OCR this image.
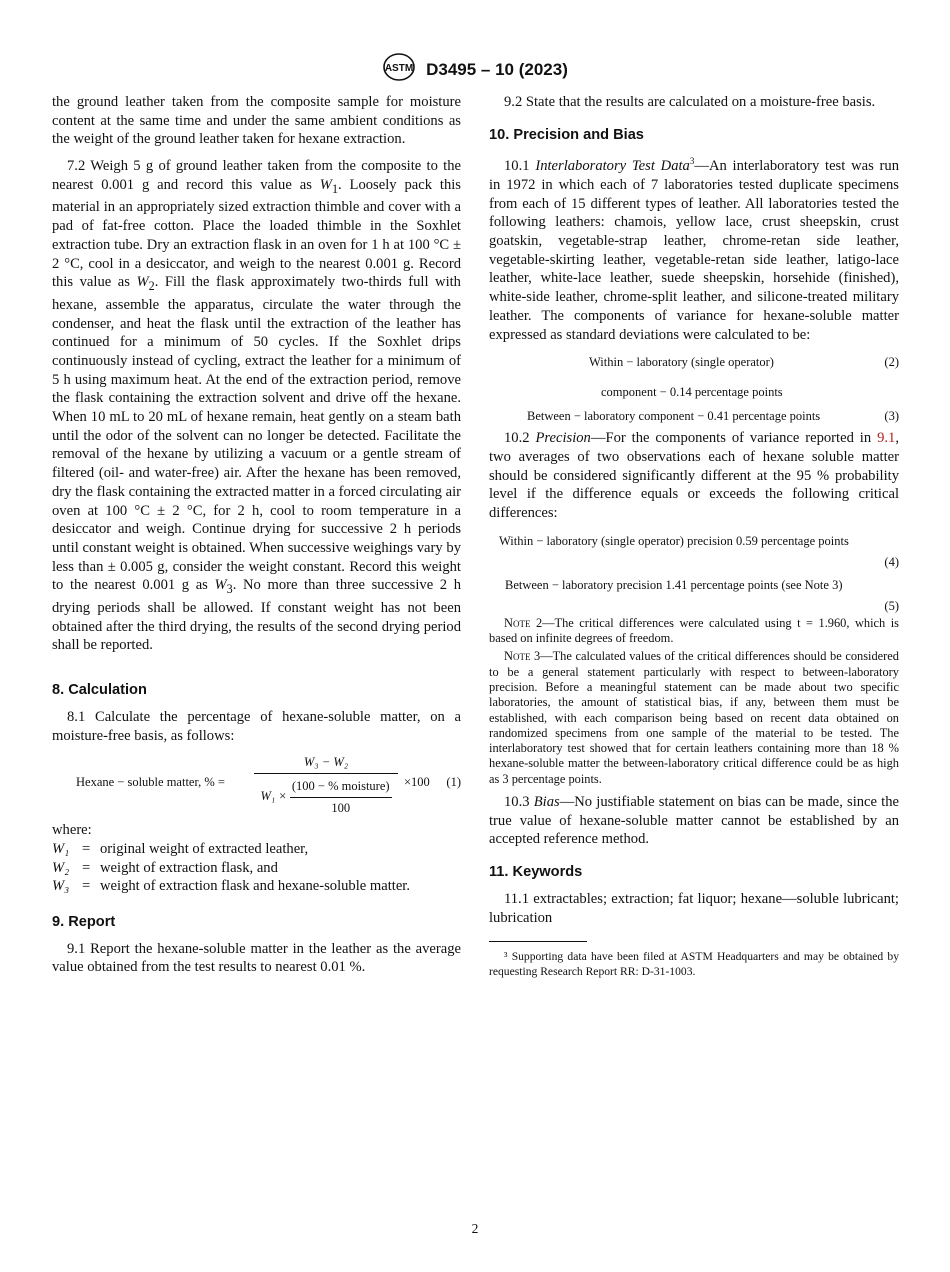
ASTM D3495 – 10 (2023)

the ground leather taken from the composite sample for moisture content at the same time and under the same ambient conditions as the weight of the ground leather taken for hexane extraction.

7.2 Weigh 5 g of ground leather taken from the composite to the nearest 0.001 g and record this value as $W_1$. Loosely pack this material in an appropriately sized extraction thimble and cover with a pad of fat-free cotton. Place the loaded thimble in the Soxhlet extraction tube. Dry an extraction flask in an oven for 1 h at 100 °C ± 2 °C, cool in a desiccator, and weigh to the nearest 0.001 g. Record this value as $W_2$. Fill the flask approximately two-thirds full with hexane, assemble the apparatus, circulate the water through the condenser, and heat the flask until the extraction of the leather has continued for a minimum of 50 cycles. If the Soxhlet drips continuously instead of cycling, extract the leather for a minimum of 5 h using maximum heat. At the end of the extraction period, remove the flask containing the extraction solvent and drive off the hexane. When 10 mL to 20 mL of hexane remain, heat gently on a steam bath until the odor of the solvent can no longer be detected. Facilitate the removal of the hexane by utilizing a vacuum or a gentle stream of filtered (oil- and water-free) air. After the hexane has been removed, dry the flask containing the extracted matter in a forced circulating air oven at 100 °C ± 2 °C, for 2 h, cool to room temperature in a desiccator and weigh. Continue drying for successive 2 h periods until constant weight is obtained. When successive weighings vary by less than ± 0.005 g, consider the weight constant. Record this weight to the nearest 0.001 g as $W_3$. No more than three successive 2 h drying periods shall be allowed. If constant weight has not been obtained after the third drying, the results of the second drying period shall be reported.

8. Calculation

8.1 Calculate the percentage of hexane-soluble matter, on a moisture-free basis, as follows:

Hexane − soluble matter, % =
W₃ − W₂
$W_1 \times \frac{\text{(100 − \% moisture)}}{100} \times 100$ (1)

where:

W₁ = original weight of extracted leather,
W₂ = weight of extraction flask, and
W₃ = weight of extraction flask and hexane-soluble matter.

9. Report

9.1 Report the hexane-soluble matter in the leather as the average value obtained from the test results to nearest 0.01 %.

9.2 State that the results are calculated on a moisture-free basis.

10. Precision and Bias

10.1 Interlaboratory Test Data$^3$—An interlaboratory test was run in 1972 in which each of 7 laboratories tested duplicate specimens from each of 15 different types of leather. All laboratories tested the following leathers: chamois, yellow lace, crust sheepskin, crust goatskin, vegetable-strap leather, chrome-retan side leather, vegetable-skirting leather, vegetable-retan side leather, latigo-lace leather, white-lace leather, suede sheepskin, horsehide (finished), white-side leather, chrome-split leather, and silicone-treated military leather. The components of variance for hexane-soluble matter expressed as standard deviations were calculated to be:

Within − laboratory (single operator)	(2)
component − 0.14 percentage points
Between − laboratory component − 0.41 percentage points	(3)

10.2 Precision—For the components of variance reported in 9.1, two averages of two observations each of hexane soluble matter should be considered significantly different at the 95 % probability level if the difference equals or exceeds the following critical differences:

Within − laboratory (single operator) precision 0.59 percentage points
(4)
Between − laboratory precision 1.41 percentage points (see Note 3)
(5)

Note 2—The critical differences were calculated using t = 1.960, which is based on infinite degrees of freedom.

Note 3—The calculated values of the critical differences should be considered to be a general statement particularly with respect to between-laboratory precision. Before a meaningful statement can be made about two specific laboratories, the amount of statistical bias, if any, between them must be established, with each comparison being based on recent data obtained on randomized specimens from one sample of the material to be tested. The interlaboratory test showed that for certain leathers containing more than 18 % hexane-soluble matter the between-laboratory critical difference could be as high as 3 percentage points.

10.3 Bias—No justifiable statement on bias can be made, since the true value of hexane-soluble matter cannot be established by an accepted reference method.

11. Keywords

11.1 extractables; extraction; fat liquor; hexane—soluble lubricant; lubrication

³ Supporting data have been filed at ASTM Headquarters and may be obtained by requesting Research Report RR: D-31-1003.

2
